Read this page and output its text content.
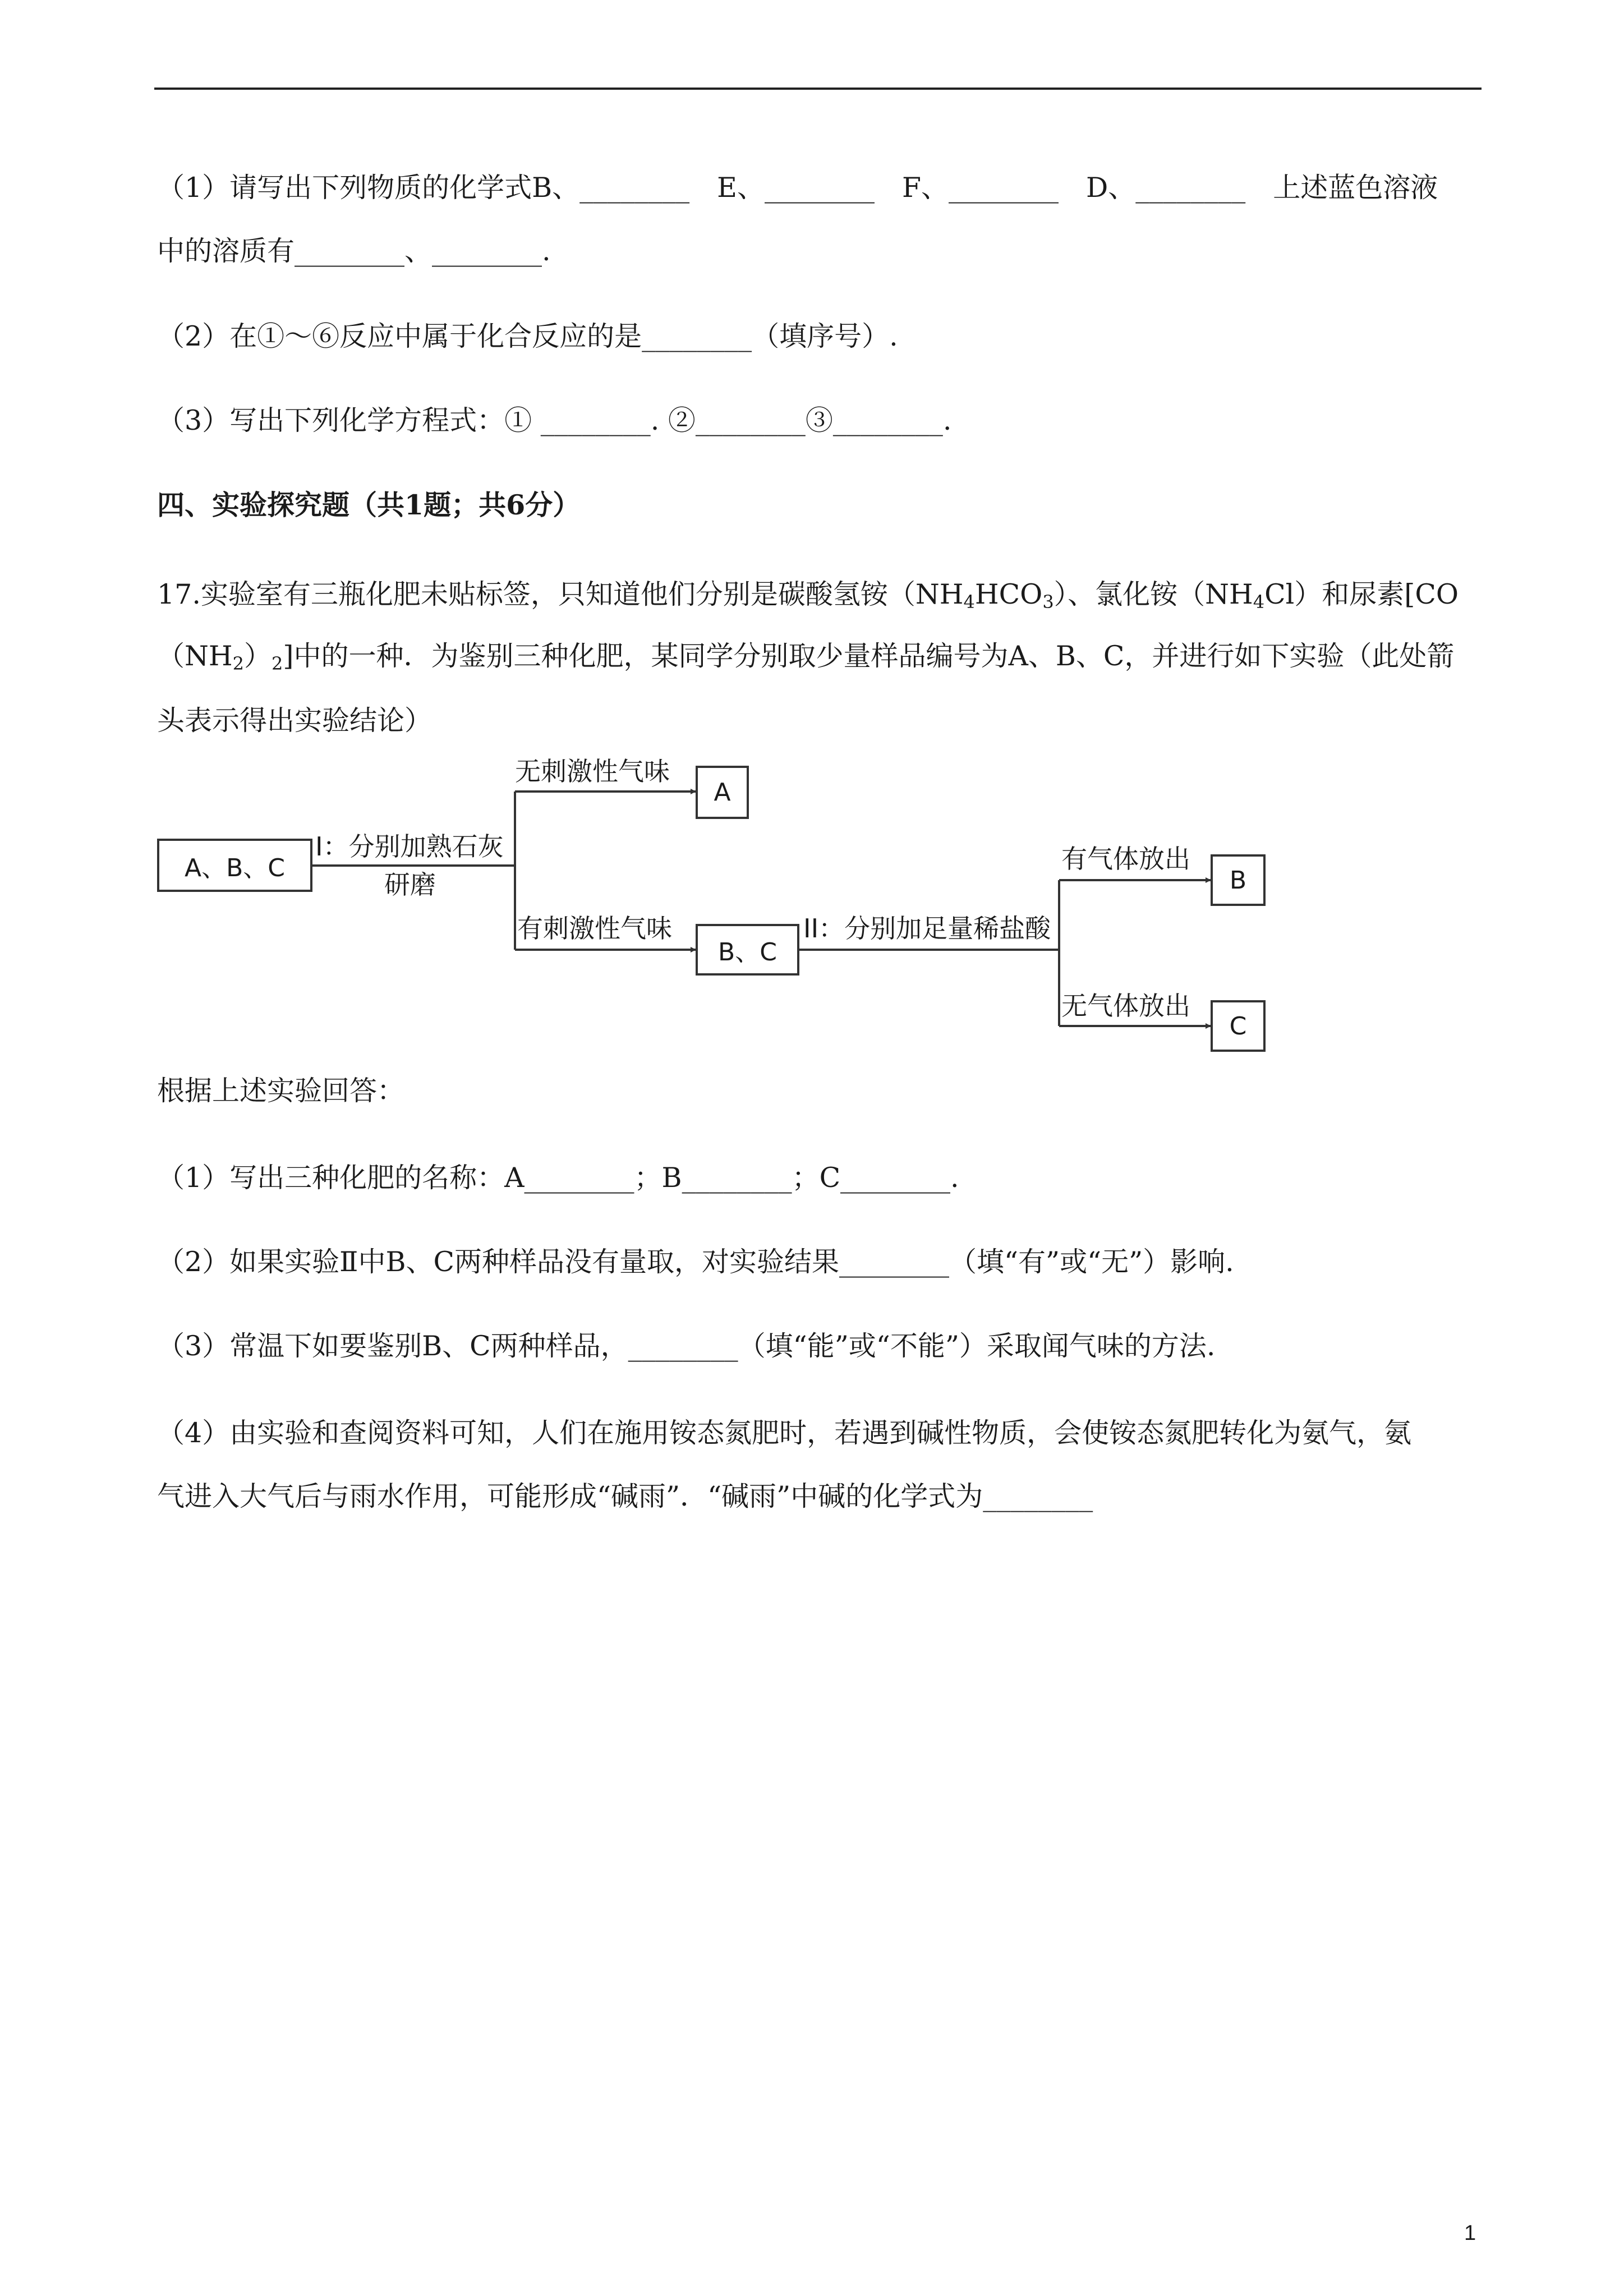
（1）请写出下列物质的化学式B、________　E、________　F、________　D、________　上述蓝色溶液
中的溶质有________、________.
（2）在①～⑥反应中属于化合反应的是________（填序号）.
（3）写出下列化学方程式：① ________. ②________③________.
四、实验探究题（共1题；共6分）
17.实验室有三瓶化肥未贴标签，只知道他们分别是碳酸氢铵$(NH_4HCO_3)$、氯化铵$(NH_4Cl)$和尿素[CO
$(NH_2)_2$]中的一种．为鉴别三种化肥，某同学分别取少量样品编号为A、B、C，并进行如下实验（此处箭
头表示得出实验结论）
A、B、C
I：分别加熟石灰
研磨
无刺激性气味
A
有刺激性气味
B、C
II：分别加足量稀盐酸
有气体放出
B
无气体放出
C
根据上述实验回答：
（1）写出三种化肥的名称：A________；B________；C________.
（2）如果实验Ⅱ中B、C两种样品没有量取，对实验结果________（填“有”或“无”）影响.
（3）常温下如要鉴别B、C两种样品，________（填“能”或“不能”）采取闻气味的方法.
（4）由实验和查阅资料可知，人们在施用铵态氮肥时，若遇到碱性物质，会使铵态氮肥转化为氨气，氨
气进入大气后与雨水作用，可能形成“碱雨”．“碱雨”中碱的化学式为________
1
